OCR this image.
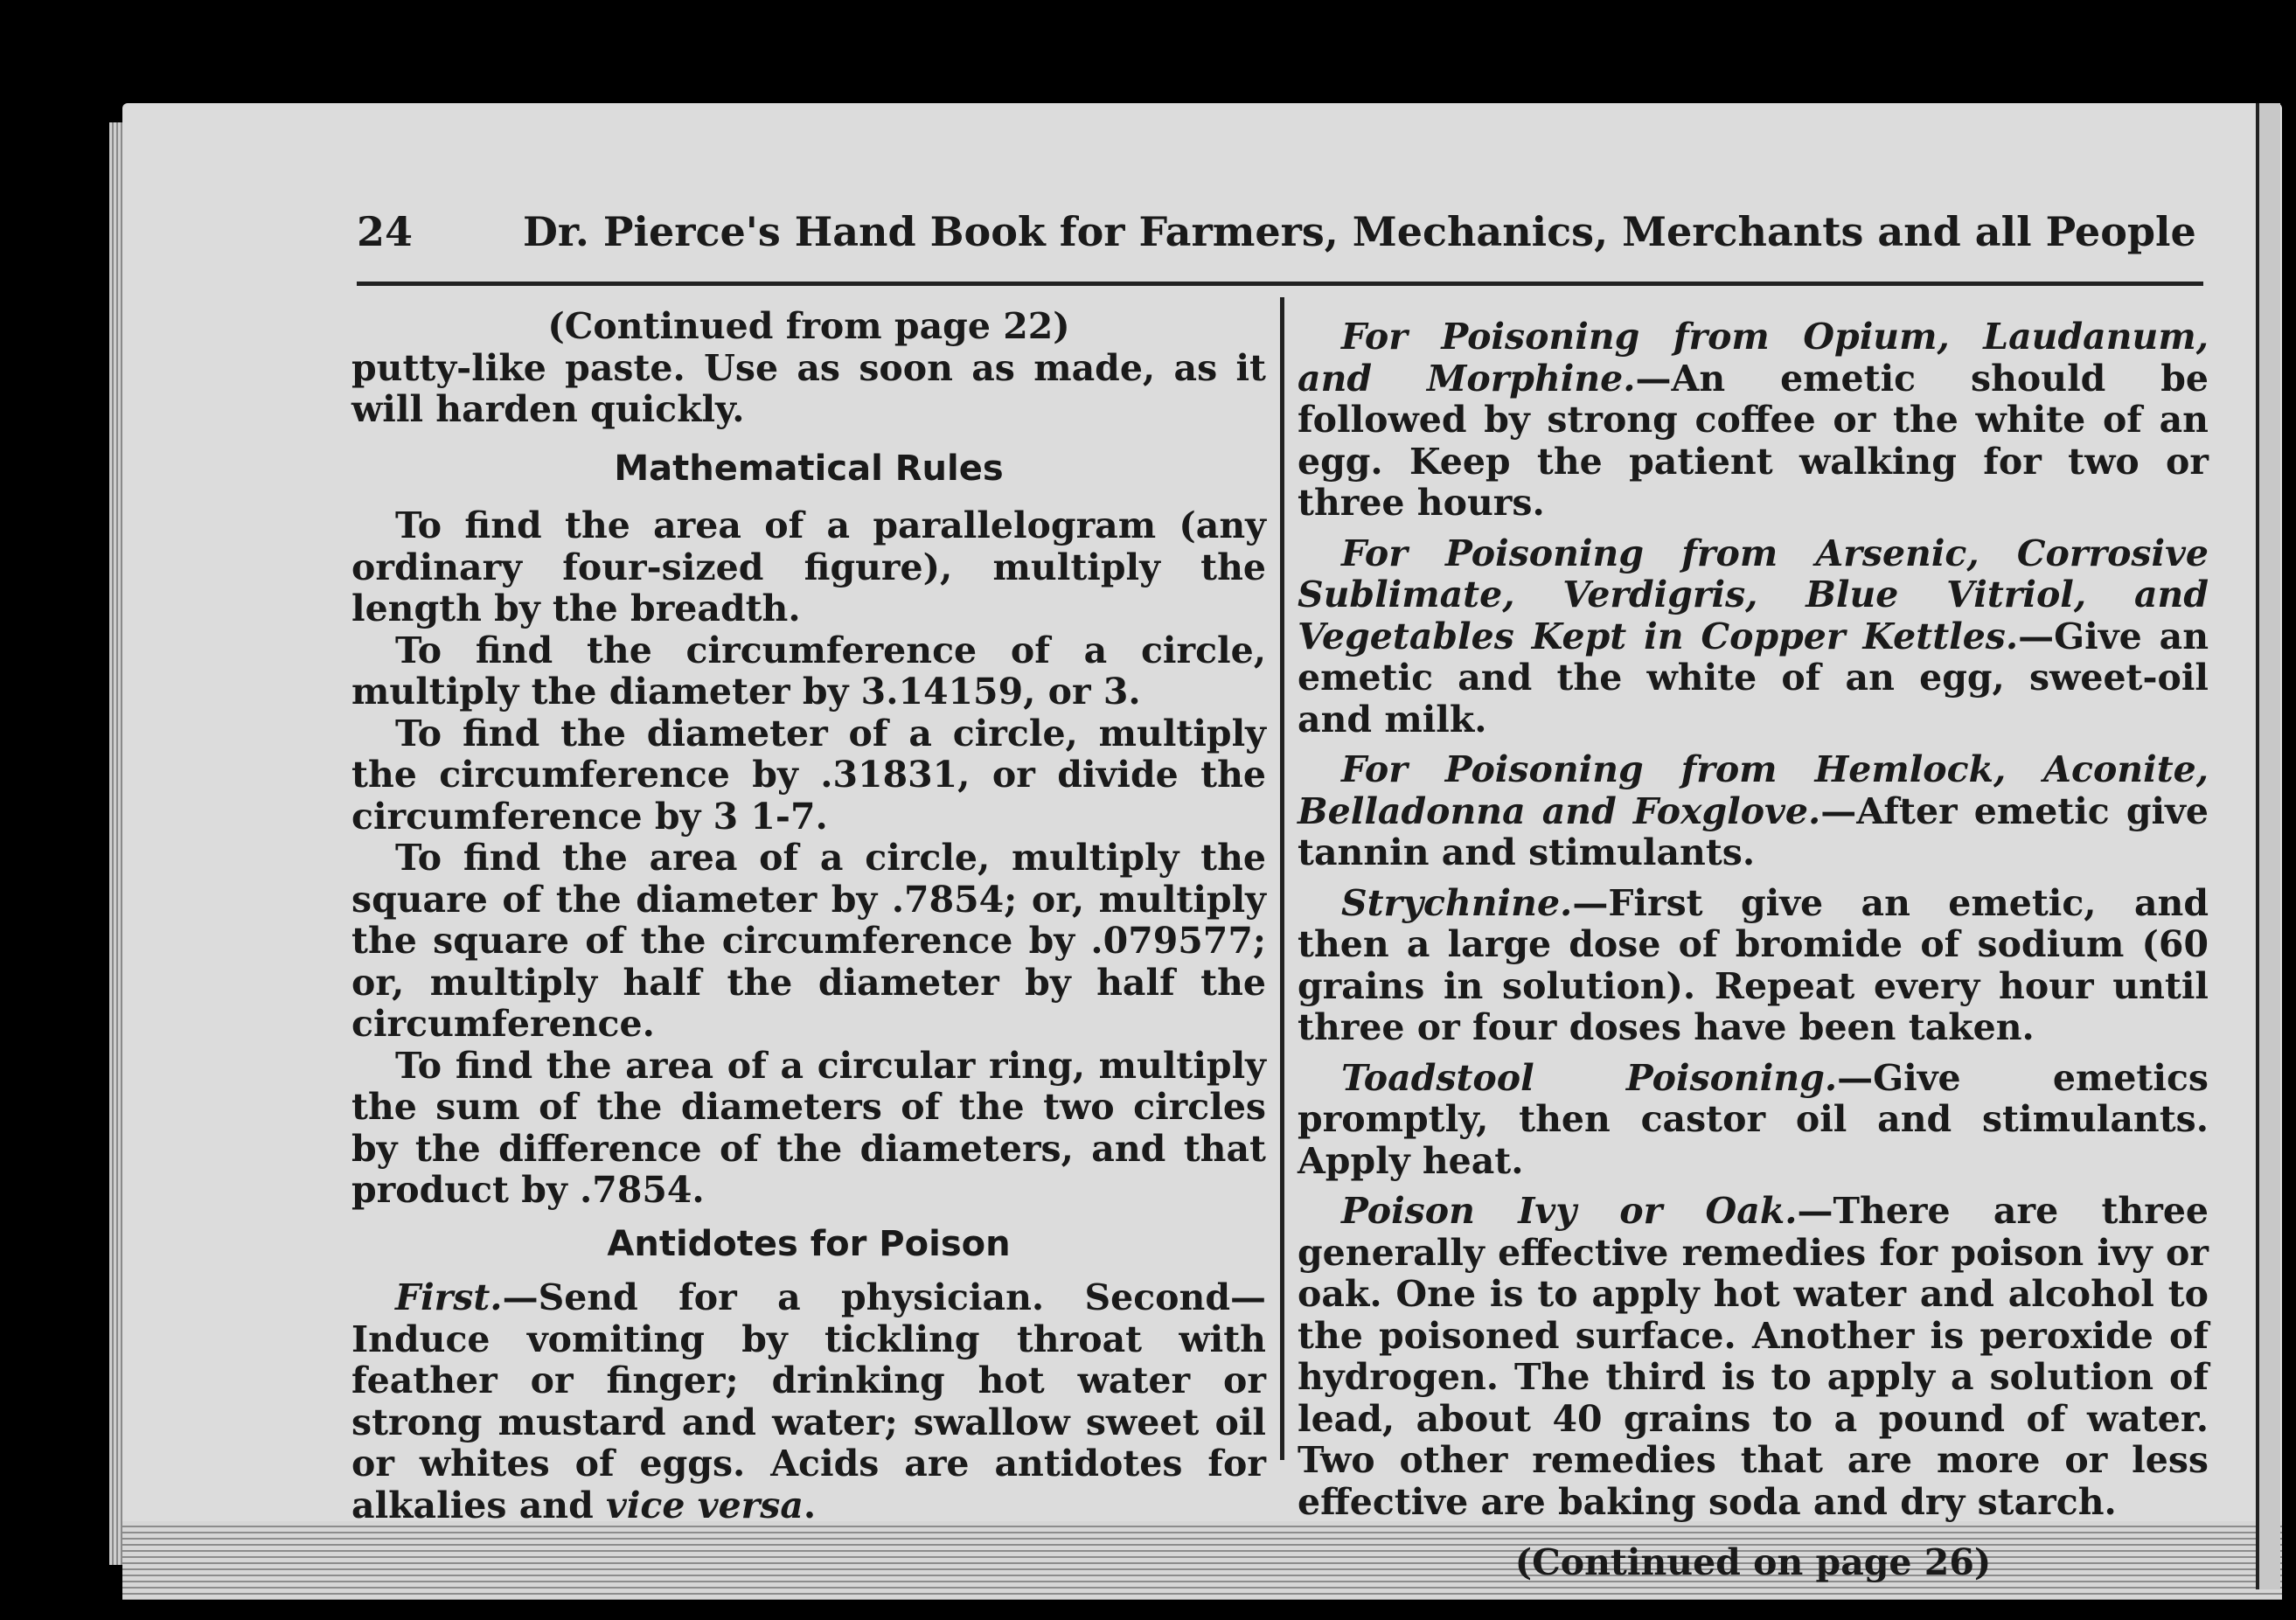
24	Dr. Pierce's Hand Book for Farmers, Mechanics, Merchants and all People

(Continued from page 22)

putty-like paste. Use as soon as made, as it will harden quickly.

Mathematical Rules

To find the area of a parallelogram (any ordinary four-sized figure), multiply the length by the breadth.

To find the circumference of a circle, multiply the diameter by 3.14159, or 3.

To find the diameter of a circle, multiply the circumference by .31831, or divide the circumference by 3 1-7.

To find the area of a circle, multiply the square of the diameter by .7854; or, multiply the square of the circumference by .079577; or, multiply half the diameter by half the circumference.

To find the area of a circular ring, multiply the sum of the diameters of the two circles by the difference of the diameters, and that product by .7854.

Antidotes for Poison

First.—Send for a physician. Second—Induce vomiting by tickling throat with feather or finger; drinking hot water or strong mustard and water; swallow sweet oil or whites of eggs. Acids are antidotes for alkalies and vice versa.

For Poisoning from Opium, Laudanum, and Morphine.—An emetic should be followed by strong coffee or the white of an egg. Keep the patient walking for two or three hours.

For Poisoning from Arsenic, Corrosive Sublimate, Verdigris, Blue Vitriol, and Vegetables Kept in Copper Kettles.—Give an emetic and the white of an egg, sweet-oil and milk.

For Poisoning from Hemlock, Aconite, Belladonna and Foxglove.—After emetic give tannin and stimulants.

Strychnine.—First give an emetic, and then a large dose of bromide of sodium (60 grains in solution). Repeat every hour until three or four doses have been taken.

Toadstool Poisoning.—Give emetics promptly, then castor oil and stimulants. Apply heat.

Poison Ivy or Oak.—There are three generally effective remedies for poison ivy or oak. One is to apply hot water and alcohol to the poisoned surface. Another is peroxide of hydrogen. The third is to apply a solution of lead, about 40 grains to a pound of water. Two other remedies that are more or less effective are baking soda and dry starch.

(Continued on page 26)
